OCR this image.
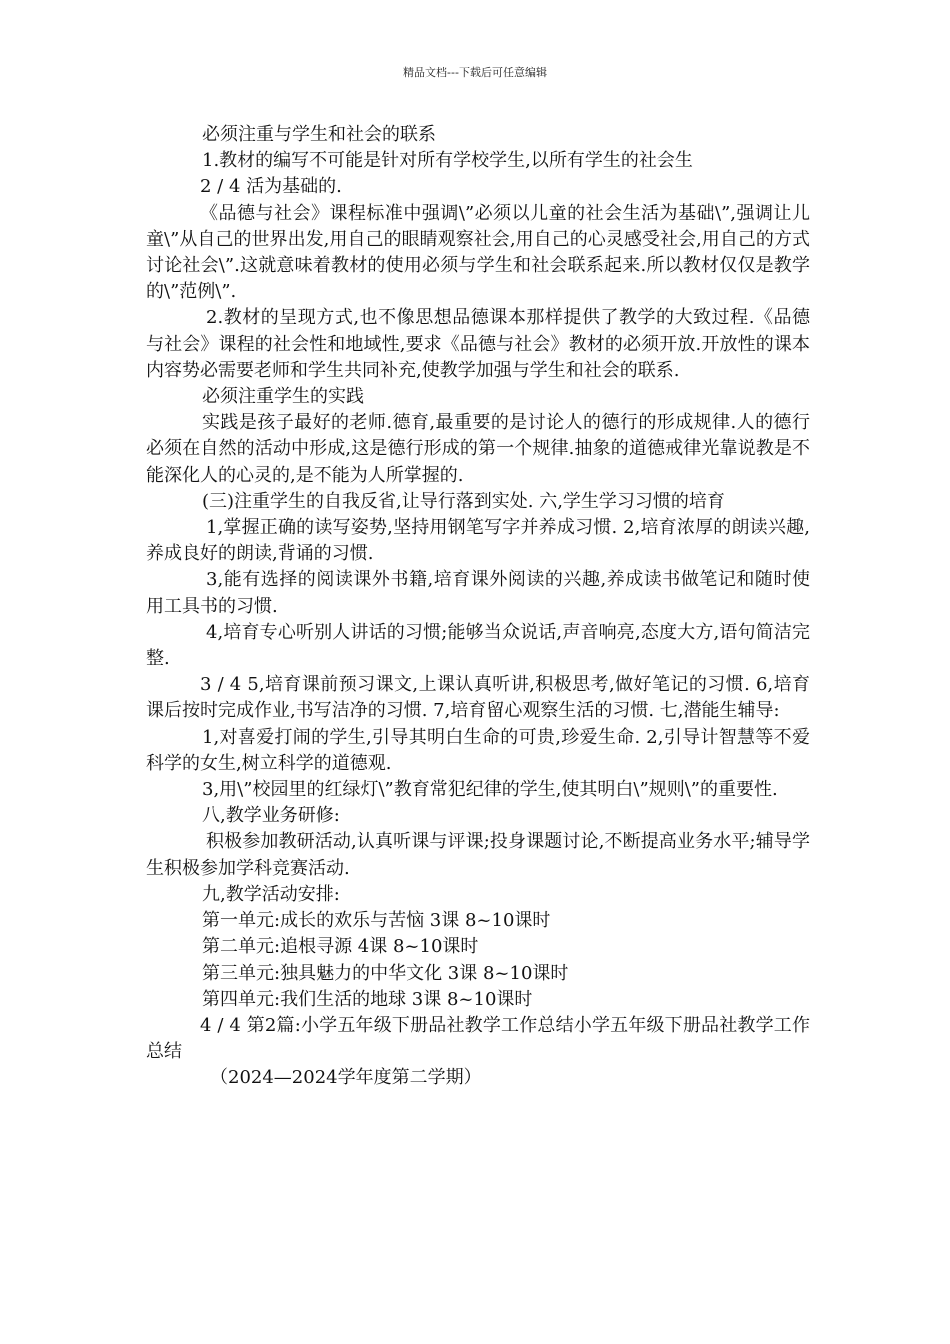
精品文档---下载后可任意编辑

必须注重与学生和社会的联系

1.教材的编写不可能是针对所有学校学生,以所有学生的社会生

2 / 4 活为基础的.

《品德与社会》课程标准中强调\”必须以儿童的社会生活为基础\”,强调让儿童\”从自己的世界出发,用自己的眼睛观察社会,用自己的心灵感受社会,用自己的方式讨论社会\”.这就意味着教材的使用必须与学生和社会联系起来.所以教材仅仅是教学的\”范例\”.

2.教材的呈现方式,也不像思想品德课本那样提供了教学的大致过程.《品德与社会》课程的社会性和地域性,要求《品德与社会》教材的必须开放.开放性的课本内容势必需要老师和学生共同补充,使教学加强与学生和社会的联系.

必须注重学生的实践

实践是孩子最好的老师.德育,最重要的是讨论人的德行的形成规律.人的德行必须在自然的活动中形成,这是德行形成的第一个规律.抽象的道德戒律光靠说教是不能深化人的心灵的,是不能为人所掌握的.

(三)注重学生的自我反省,让导行落到实处. 六,学生学习习惯的培育

1,掌握正确的读写姿势,坚持用钢笔写字并养成习惯. 2,培育浓厚的朗读兴趣,养成良好的朗读,背诵的习惯.

3,能有选择的阅读课外书籍,培育课外阅读的兴趣,养成读书做笔记和随时使用工具书的习惯.

4,培育专心听别人讲话的习惯;能够当众说话,声音响亮,态度大方,语句简洁完整.

3 / 4 5,培育课前预习课文,上课认真听讲,积极思考,做好笔记的习惯. 6,培育课后按时完成作业,书写洁净的习惯. 7,培育留心观察生活的习惯. 七,潜能生辅导:

1,对喜爱打闹的学生,引导其明白生命的可贵,珍爱生命. 2,引导计智慧等不爱科学的女生,树立科学的道德观.

3,用\”校园里的红绿灯\”教育常犯纪律的学生,使其明白\”规则\”的重要性.

八,教学业务研修:

积极参加教研活动,认真听课与评课;投身课题讨论,不断提高业务水平;辅导学生积极参加学科竞赛活动.

九,教学活动安排:

第一单元:成长的欢乐与苦恼 3课 8~10课时

第二单元:追根寻源 4课 8~10课时

第三单元:独具魅力的中华文化 3课 8~10课时

第四单元:我们生活的地球 3课 8~10课时

4 / 4 第2篇:小学五年级下册品社教学工作总结小学五年级下册品社教学工作总结

（2024—2024学年度第二学期）
